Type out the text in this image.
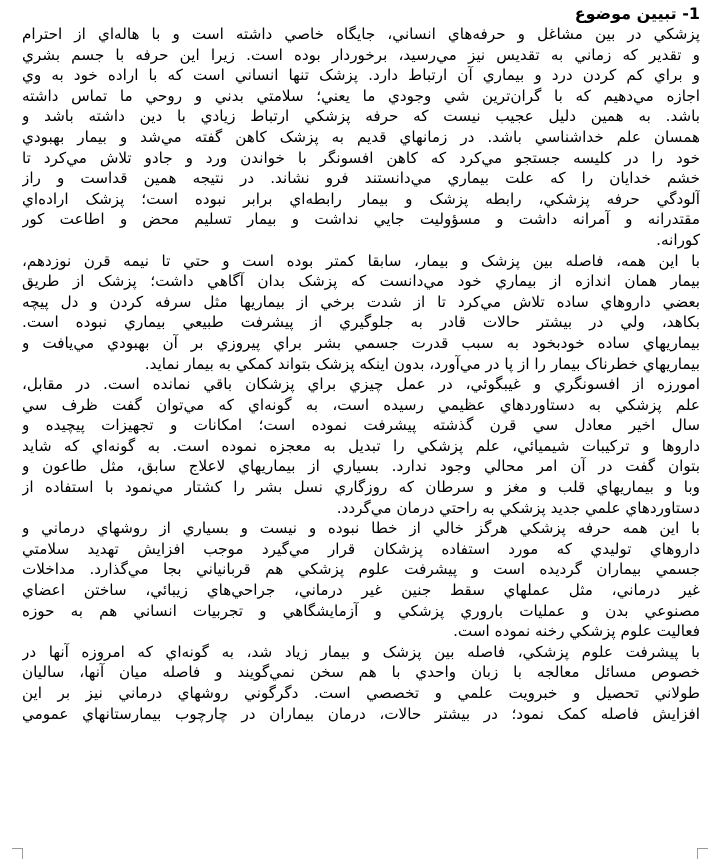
1- تبيين موضوع
پزشکي در بين مشاغل و حرفه‌هاي انساني، جايگاه خاصي داشته است و با هاله‌اي از احترام
و تقدير که زماني به تقديس نيز مي‌رسيد، برخوردار بوده است. زيرا اين حرفه با جسم بشري
و براي کم کردن درد و بيماري آن ارتباط دارد. پزشک تنها انساني است که با اراده خود به وي
اجازه مي‌دهيم که با گران‌ترين شي وجودي ما يعني؛ سلامتي بدني و روحي ما تماس داشته
باشد. به همين دليل عجيب نيست که حرفه پزشکي ارتباط زيادي با دين داشته باشد و
همسان علم خداشناسي باشد. در زمانهاي قديم به پزشک کاهن گفته مي‌شد و بيمار بهبودي
خود را در کليسه جستجو مي‌کرد که کاهن افسونگر با خواندن ورد و جادو تلاش مي‌کرد تا
خشم خدايان را که علت بيماري مي‌دانستند فرو نشاند. در نتيجه همين قداست و راز
آلودگي حرفه پزشکي، رابطه پزشک و بيمار رابطه‌اي برابر نبوده است؛ پزشک اراده‌اي
مقتدرانه و آمرانه داشت و مسؤوليت جايي نداشت و بيمار تسليم محض و اطاعت کور
کورانه.
با اين همه، فاصله بين پزشک و بيمار، سابقا کمتر بوده است و حتي تا نيمه قرن نوزدهم،
بيمار همان اندازه از بيماري خود مي‌دانست که پزشک بدان آگاهي داشت؛ پزشک از طريق
بعضي داروهاي ساده تلاش مي‌کرد تا از شدت برخي از بيماريها مثل سرفه کردن و دل پيچه
بکاهد، ولي در بيشتر حالات قادر به جلوگيري از پيشرفت طبيعي بيماري نبوده است.
بيماريهاي ساده خودبخود به سبب قدرت جسمي بشر براي پيروزي بر آن بهبودي مي‌يافت و
بيماريهاي خطرناک بيمار را از پا در مي‌آورد، بدون اينکه پزشک بتواند کمکي به بيمار نمايد.
امورزه از افسونگري و غيبگوئي، در عمل چيزي براي پزشکان باقي نمانده است. در مقابل،
علم پزشکي به دستاوردهاي عظيمي رسيده است، به گونه‌اي که مي‌توان گفت ظرف سي
سال اخير معادل سي قرن گذشته پيشرفت نموده است؛ امکانات و تجهيزات پيچيده و
داروها و ترکيبات شيميائي، علم پزشکي را تبديل به معجزه نموده است. به گونه‌اي که شايد
بتوان گفت در آن امر محالي وجود ندارد. بسياري از بيماريهاي لاعلاج سابق، مثل طاعون و
وبا و بيماريهاي قلب و مغز و سرطان که روزگاري نسل بشر را کشتار مي‌نمود با استفاده از
دستاوردهاي علمي جديد پزشکي به راحتي درمان مي‌گردد.
با اين همه حرفه پزشکي هرگز خالي از خطا نبوده و نيست و بسياري از روشهاي درماني و
داروهاي توليدي که مورد استفاده پزشکان قرار مي‌گيرد موجب افزايش تهديد سلامتي
جسمي بيماران گرديده است و پيشرفت علوم پزشکي هم قربانياني بجا مي‌گذارد. مداخلات
غير درماني، مثل عملهاي سقط جنين غير درماني، جراحي‌هاي زيبائي، ساختن اعضاي
مصنوعي بدن و عمليات باروري پزشکي و آزمايشگاهي و تجربيات انساني هم به حوزه
فعاليت علوم پزشکي رخنه نموده است.
با پيشرفت علوم پزشکي، فاصله بين پزشک و بيمار زياد شد، به گونه‌اي که امروزه آنها در
خصوص مسائل معالجه با زبان واحدي با هم سخن نمي‌گويند و فاصله ميان آنها، ساليان
طولاني تحصيل و خبرويت علمي و تخصصي است. دگرگوني روشهاي درماني نيز بر اين
افزايش فاصله کمک نمود؛ در بيشتر حالات، درمان بيماران در چارچوب بيمارستانهاي عمومي
